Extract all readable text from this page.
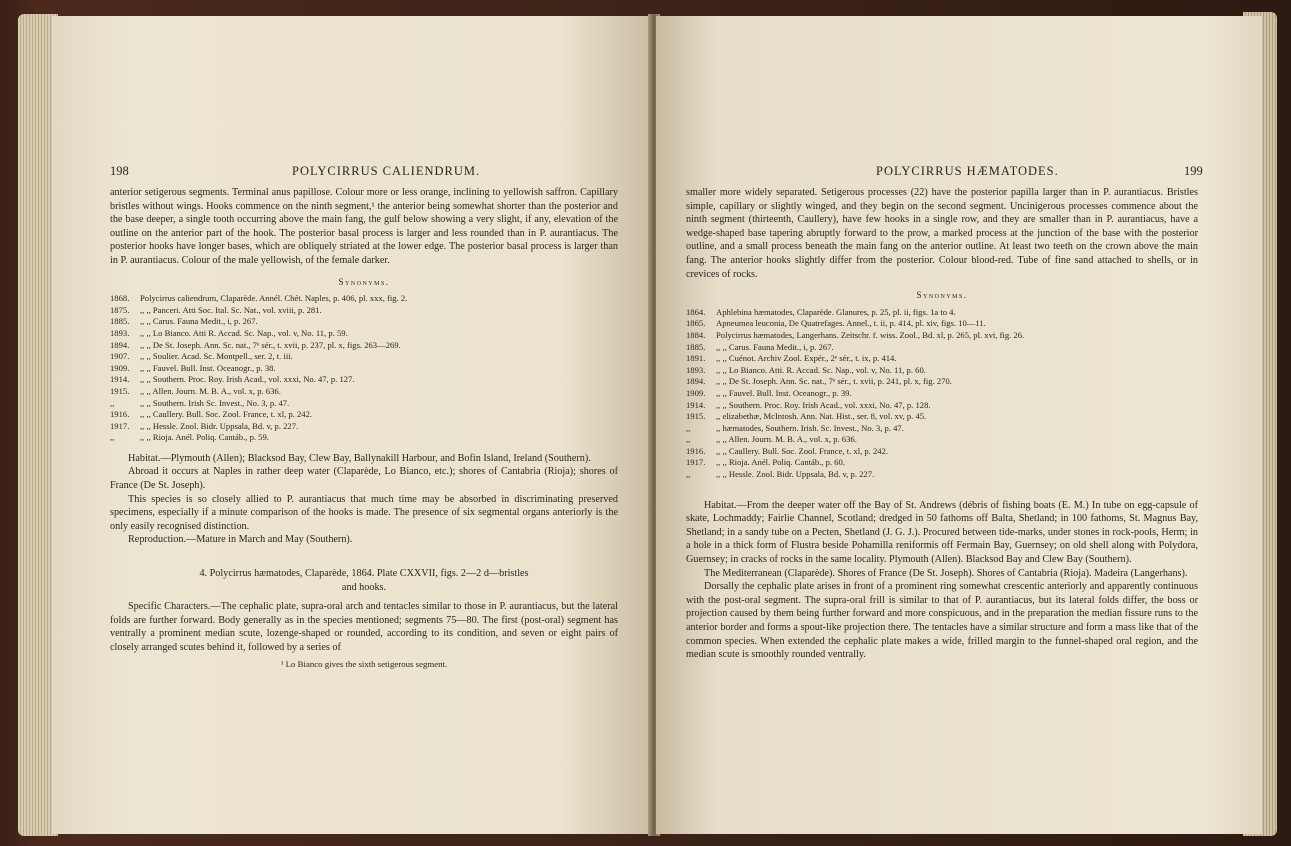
198	POLYCIRRUS CALIENDRUM.

anterior setigerous segments. Terminal anus papillose. Colour more or less orange, inclining to yellowish saffron. Capillary bristles without wings. Hooks commence on the ninth segment,¹ the anterior being somewhat shorter than the posterior and the base deeper, a single tooth occurring above the main fang, the gulf below showing a very slight, if any, elevation of the outline on the anterior part of the hook. The posterior basal process is larger and less rounded than in P. aurantiacus. The posterior hooks have longer bases, which are obliquely striated at the lower edge. The posterior basal process is larger than in P. aurantiacus. Colour of the male yellowish, of the female darker.

Synonyms.
1868.	Polycirrus caliendrum, Claparède. Annél. Chét. Naples, p. 406, pl. xxx, fig. 2.
1875.	,, ,, Panceri. Atti Soc. Ital. Sc. Nat., vol. xviii, p. 281.
1885.	,, ,, Carus. Fauna Medit., i, p. 267.
1893.	,, ,, Lo Bianco. Atti R. Accad. Sc. Nap., vol. v, No. 11, p. 59.
1894.	,, ,, De St. Joseph. Ann. Sc. nat., 7ᵉ sér., t. xvii, p. 237, pl. x, figs. 263—269.
1907.	,, ,, Soulier. Acad. Sc. Montpell., ser. 2, t. iii.
1909.	,, ,, Fauvel. Bull. Inst. Oceanogr., p. 38.
1914.	,, ,, Southern. Proc. Roy. Irish Acad., vol. xxxi, No. 47, p. 127.
1915.	,, ,, Allen. Journ. M. B. A., vol. x, p. 636.
,,	,, ,, Southern. Irish Sc. Invest., No. 3, p. 47.
1916.	,, ,, Caullery. Bull. Soc. Zool. France, t. xl, p. 242.
1917.	,, ,, Hessle. Zool. Bidr. Uppsala, Bd. v, p. 227.
,,	,, ,, Rioja. Anél. Poliq. Cantáb., p. 59.

Habitat.—Plymouth (Allen); Blacksod Bay, Clew Bay, Ballynakill Harbour, and Bofin Island, Ireland (Southern).

Abroad it occurs at Naples in rather deep water (Claparède, Lo Bianco, etc.); shores of Cantabria (Rioja); shores of France (De St. Joseph).

This species is so closely allied to P. aurantiacus that much time may be absorbed in discriminating preserved specimens, especially if a minute comparison of the hooks is made. The presence of six segmental organs anteriorly is the only easily recognised distinction.

Reproduction.—Mature in March and May (Southern).

4. Polycirrus hæmatodes, Claparède, 1864. Plate CXXVII, figs. 2—2 d—bristles

and hooks.

Specific Characters.—The cephalic plate, supra-oral arch and tentacles similar to those in P. aurantiacus, but the lateral folds are further forward. Body generally as in the species mentioned; segments 75—80. The first (post-oral) segment has ventrally a prominent median scute, lozenge-shaped or rounded, according to its condition, and seven or eight pairs of closely arranged scutes behind it, followed by a series of

¹ Lo Bianco gives the sixth setigerous segment.
POLYCIRRUS HÆMATODES.	199

smaller more widely separated. Setigerous processes (22) have the posterior papilla larger than in P. aurantiacus. Bristles simple, capillary or slightly winged, and they begin on the second segment. Uncinigerous processes commence about the ninth segment (thirteenth, Caullery), have few hooks in a single row, and they are smaller than in P. aurantiacus, have a wedge-shaped base tapering abruptly forward to the prow, a marked process at the junction of the base with the posterior outline, and a small process beneath the main fang on the anterior outline. At least two teeth on the crown above the main fang. The anterior hooks slightly differ from the posterior. Colour blood-red. Tube of fine sand attached to shells, or in crevices of rocks.

Synonyms.
1864.	Aphlebina hæmatodes, Claparède. Glanures, p. 25, pl. ii, figs. 1a to 4.
1865.	Apneumea leuconia, De Quatrefages. Annel., t. ii, p. 414, pl. xiv, figs. 10—11.
1884.	Polycirrus hæmatodes, Langerhans. Zeitschr. f. wiss. Zool., Bd. xl, p. 265, pl. xvi, fig. 26.
1885.	,, ,, Carus. Fauna Medit., i, p. 267.
1891.	,, ,, Cuénot. Archiv Zool. Expér., 2ᵉ sér., t. ix, p. 414.
1893.	,, ,, Lo Bianco. Atti. R. Accad. Sc. Nap., vol. v, No. 11, p. 60.
1894.	,, ,, De St. Joseph. Ann. Sc. nat., 7ᵉ sér., t. xvii, p. 241, pl. x, fig. 270.
1909.	,, ,, Fauvel. Bull. Inst. Oceanogr., p. 39.
1914.	,, ,, Southern. Proc. Roy. Irish Acad., vol. xxxi, No. 47, p. 128.
1915.	,, elizabethæ, McIntosh. Ann. Nat. Hist., ser. 8, vol. xv, p. 45.
,,	,, hæmatodes, Southern. Irish. Sc. Invest., No. 3, p. 47.
,,	,, ,, Allen. Journ. M. B. A., vol. x, p. 636.
1916.	,, ,, Caullery. Bull. Soc. Zool. France, t. xl, p. 242.
1917.	,, ,, Rioja. Anél. Poliq. Cantáb., p. 60.
,,	,, ,, Hessle. Zool. Bidr. Uppsala, Bd. v, p. 227.

Habitat.—From the deeper water off the Bay of St. Andrews (débris of fishing boats (E. M.) In tube on egg-capsule of skate, Lochmaddy; Fairlie Channel, Scotland; dredged in 50 fathoms off Balta, Shetland; in 100 fathoms, St. Magnus Bay, Shetland; in a sandy tube on a Pecten, Shetland (J. G. J.). Procured between tide-marks, under stones in rock-pools, Herm; in a hole in a thick form of Flustra beside Pohamilla reniformis off Fermain Bay, Guernsey; on old shell along with Polydora, Guernsey; in cracks of rocks in the same locality. Plymouth (Allen). Blacksod Bay and Clew Bay (Southern).

The Mediterranean (Claparède). Shores of France (De St. Joseph). Shores of Cantabria (Rioja). Madeira (Langerhans).

Dorsally the cephalic plate arises in front of a prominent ring somewhat crescentic anteriorly and apparently continuous with the post-oral segment. The supra-oral frill is similar to that of P. aurantiacus, but its lateral folds differ, the boss or projection caused by them being further forward and more conspicuous, and in the preparation the median fissure runs to the anterior border and forms a spout-like projection there. The tentacles have a similar structure and form a mass like that of the common species. When extended the cephalic plate makes a wide, frilled margin to the funnel-shaped oral region, and the median scute is smoothly rounded ventrally.
